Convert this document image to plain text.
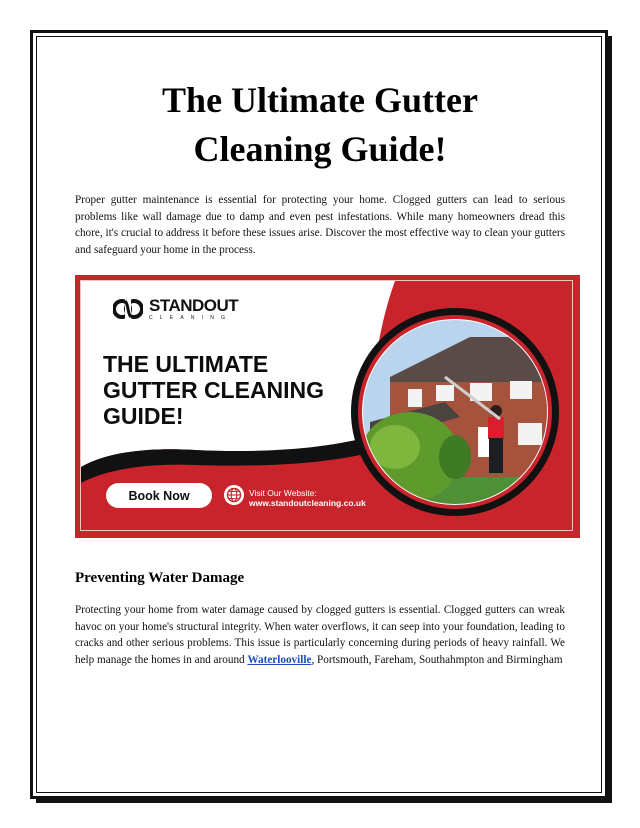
The Ultimate Gutter
Cleaning Guide!

Proper gutter maintenance is essential for protecting your home. Clogged gutters can lead to serious problems like wall damage due to damp and even pest infestations. While many homeowners dread this chore, it's crucial to address it before these issues arise. Discover the most effective way to clean your gutters and safeguard your home in the process.

STANDOUT
CLEANING
THE ULTIMATE
GUTTER CLEANING
GUIDE!
Book Now	Visit Our Website:
www.standoutcleaning.co.uk
Preventing Water Damage

Protecting your home from water damage caused by clogged gutters is essential. Clogged gutters can wreak havoc on your home's structural integrity. When water overflows, it can seep into your foundation, leading to cracks and other serious problems. This issue is particularly concerning during periods of heavy rainfall. We help manage the homes in and around Waterlooville, Portsmouth, Fareham, Southahmpton and Birmingham
